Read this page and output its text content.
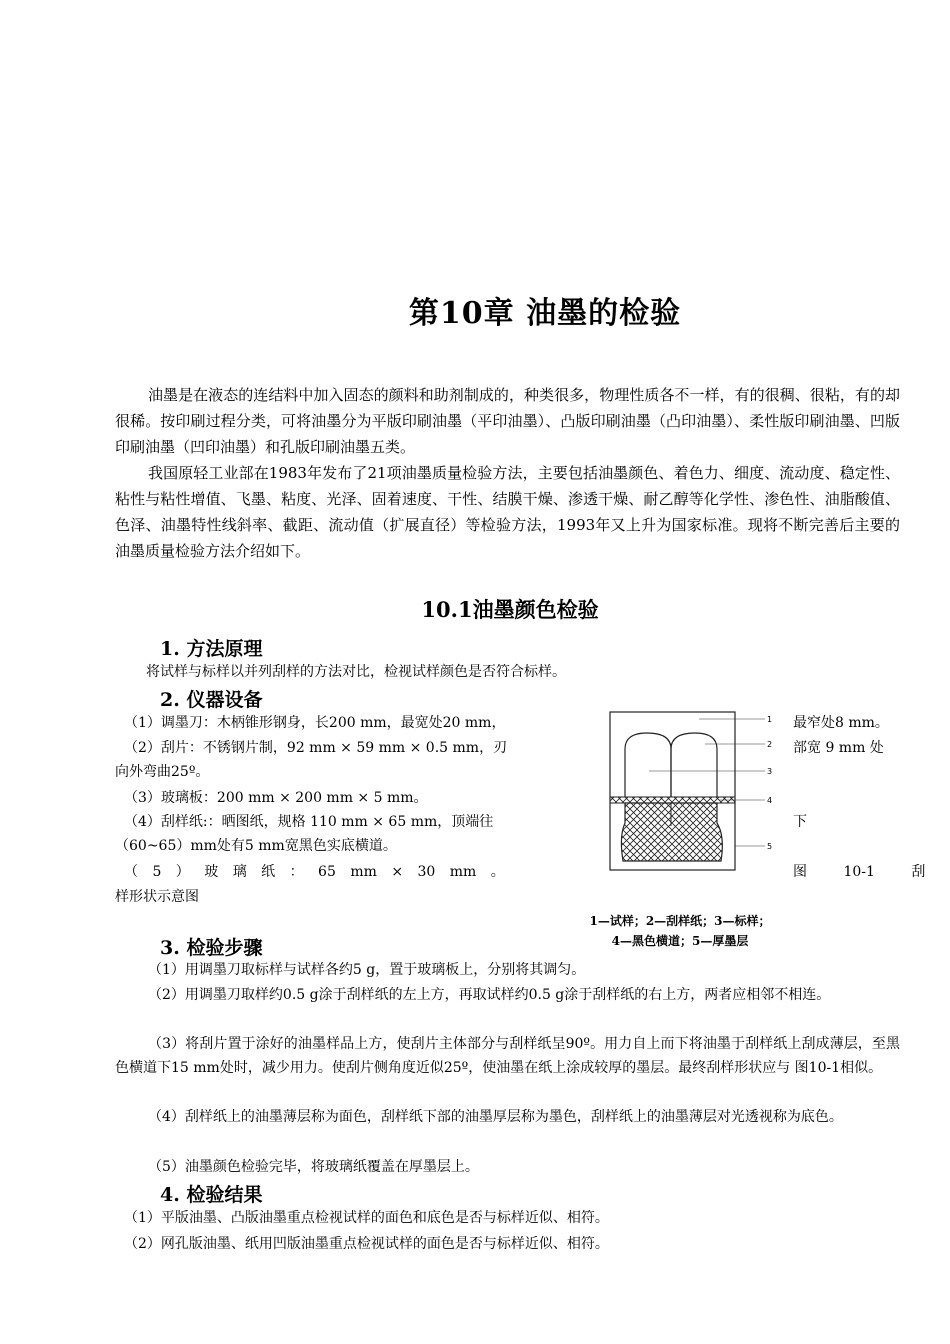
第10章 油墨的检验
油墨是在液态的连结料中加入固态的颜料和助剂制成的，种类很多，物理性质各不一样，有的很稠、很粘，有的却很稀。按印刷过程分类，可将油墨分为平版印刷油墨（平印油墨）、凸版印刷油墨（凸印油墨）、柔性版印刷油墨、凹版印刷油墨（凹印油墨）和孔版印刷油墨五类。
我国原轻工业部在1983年发布了21项油墨质量检验方法，主要包括油墨颜色、着色力、细度、流动度、稳定性、粘性与粘性增值、飞墨、粘度、光泽、固着速度、干性、结膜干燥、渗透干燥、耐乙醇等化学性、渗色性、油脂酸值、色泽、油墨特性线斜率、截距、流动值（扩展直径）等检验方法，1993年又上升为国家标准。现将不断完善后主要的油墨质量检验方法介绍如下。
10.1油墨颜色检验
1. 方法原理
将试样与标样以并列刮样的方法对比，检视试样颜色是否符合标样。
2. 仪器设备
（1）调墨刀：木柄锥形钢身，长200 mm，最宽处20 mm，	最窄处8 mm。
（2）刮片：不锈钢片制，92 mm × 59 mm × 0.5 mm，刃	部宽 9 mm 处
向外弯曲25º。
（3）玻璃板：200 mm × 200 mm × 5 mm。
（4）刮样纸:：晒图纸，规格 110 mm × 65 mm，顶端往	下
（60~65）mm处有5 mm宽黑色实底横道。
（ 5 ） 玻 璃 纸 ： 65 mm × 30 mm 。	图 10-1 刮
样形状示意图
1
2
3
4
5
1—试样；2—刮样纸；3—标样；
4—黑色横道；5—厚墨层
3. 检验步骤
（1）用调墨刀取标样与试样各约5 g，置于玻璃板上，分别将其调匀。
（2）用调墨刀取样约0.5 g涂于刮样纸的左上方，再取试样约0.5 g涂于刮样纸的右上方，两者应相邻不相连。
（3）将刮片置于涂好的油墨样品上方，使刮片主体部分与刮样纸呈90º。用力自上而下将油墨于刮样纸上刮成薄层，至黑色横道下15 mm处时，减少用力。使刮片侧角度近似25º，使油墨在纸上涂成较厚的墨层。最终刮样形状应与 图10-1相似。
（4）刮样纸上的油墨薄层称为面色，刮样纸下部的油墨厚层称为墨色，刮样纸上的油墨薄层对光透视称为底色。
（5）油墨颜色检验完毕，将玻璃纸覆盖在厚墨层上。
4. 检验结果
（1）平版油墨、凸版油墨重点检视试样的面色和底色是否与标样近似、相符。
（2）网孔版油墨、纸用凹版油墨重点检视试样的面色是否与标样近似、相符。
